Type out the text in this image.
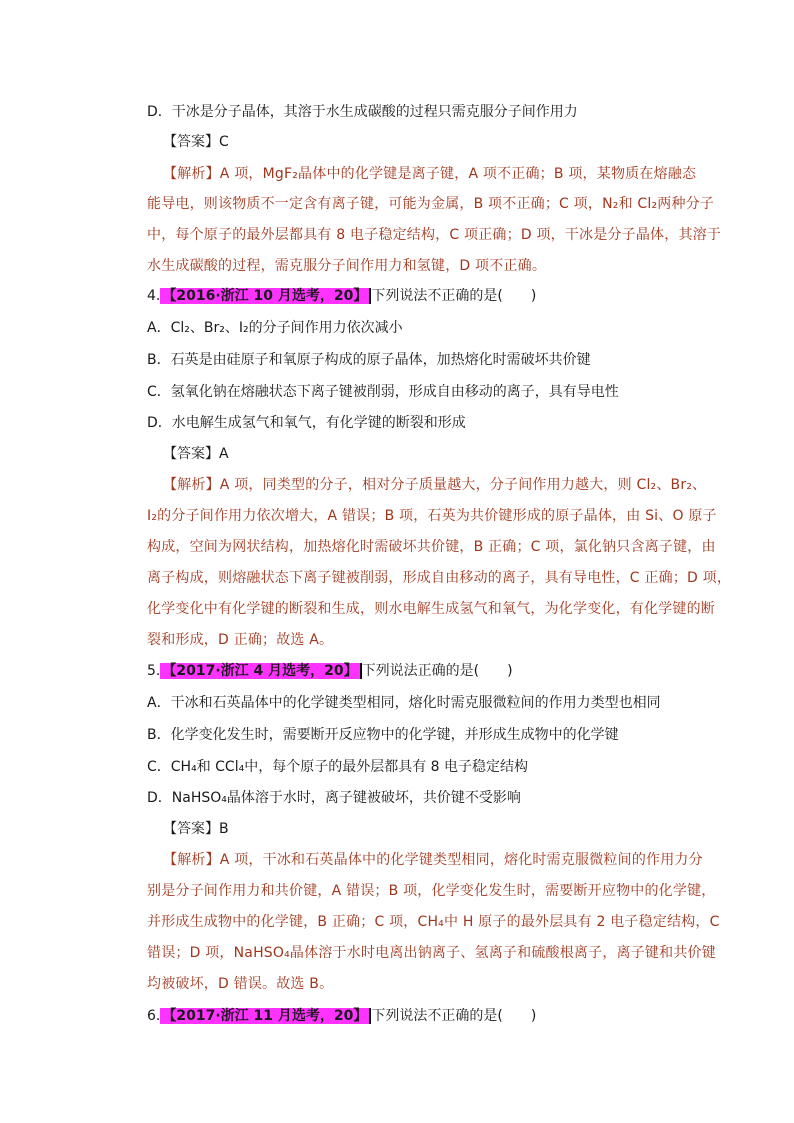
D．干冰是分子晶体，其溶于水生成碳酸的过程只需克服分子间作用力
【答案】C
【解析】A 项，MgF₂晶体中的化学键是离子键，A 项不正确；B 项，某物质在熔融态
能导电，则该物质不一定含有离子键，可能为金属，B 项不正确；C 项，N₂和 Cl₂两种分子
中，每个原子的最外层都具有 8 电子稳定结构，C 项正确；D 项，干冰是分子晶体，其溶于
水生成碳酸的过程，需克服分子间作用力和氢键，D 项不正确。
4. 【2016·浙江 10 月选考，20】 下列说法不正确的是(　　)
A．Cl₂、Br₂、I₂的分子间作用力依次减小
B．石英是由硅原子和氧原子构成的原子晶体，加热熔化时需破坏共价键
C．氢氧化钠在熔融状态下离子键被削弱，形成自由移动的离子，具有导电性
D．水电解生成氢气和氧气，有化学键的断裂和形成
【答案】A
【解析】A 项，同类型的分子，相对分子质量越大，分子间作用力越大，则 Cl₂、Br₂、
I₂的分子间作用力依次增大，A 错误；B 项，石英为共价键形成的原子晶体，由 Si、O 原子
构成，空间为网状结构，加热熔化时需破坏共价键，B 正确；C 项，氯化钠只含离子键，由
离子构成，则熔融状态下离子键被削弱，形成自由移动的离子，具有导电性，C 正确；D 项，
化学变化中有化学键的断裂和生成，则水电解生成氢气和氧气，为化学变化，有化学键的断
裂和形成，D 正确；故选 A。
5. 【2017·浙江 4 月选考，20】 下列说法正确的是(　　)
A．干冰和石英晶体中的化学键类型相同，熔化时需克服微粒间的作用力类型也相同
B．化学变化发生时，需要断开反应物中的化学键，并形成生成物中的化学键
C．CH₄和 CCl₄中，每个原子的最外层都具有 8 电子稳定结构
D．NaHSO₄晶体溶于水时，离子键被破坏，共价键不受影响
【答案】B
【解析】A 项，干冰和石英晶体中的化学键类型相同，熔化时需克服微粒间的作用力分
别是分子间作用力和共价键，A 错误；B 项，化学变化发生时，需要断开应物中的化学键，
并形成生成物中的化学键，B 正确；C 项，CH₄中 H 原子的最外层具有 2 电子稳定结构，C
错误；D 项，NaHSO₄晶体溶于水时电离出钠离子、氢离子和硫酸根离子，离子键和共价键
均被破坏，D 错误。故选 B。
6. 【2017·浙江 11 月选考，20】 下列说法不正确的是(　　)
